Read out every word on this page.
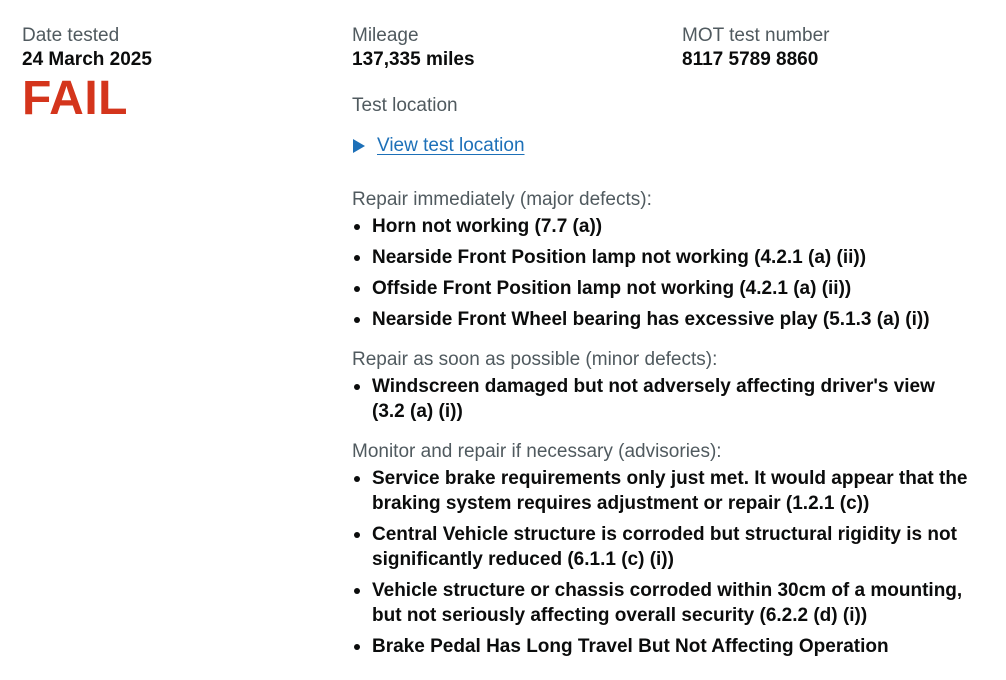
Date tested

24 March 2025

FAIL

Mileage

137,335 miles

Test location

View test location

Repair immediately (major defects):

Horn not working (7.7 (a))
Nearside Front Position lamp not working (4.2.1 (a) (ii))
Offside Front Position lamp not working (4.2.1 (a) (ii))
Nearside Front Wheel bearing has excessive play (5.1.3 (a) (i))

Repair as soon as possible (minor defects):

Windscreen damaged but not adversely affecting driver's view (3.2 (a) (i))

Monitor and repair if necessary (advisories):

Service brake requirements only just met. It would appear that the braking system requires adjustment or repair (1.2.1 (c))
Central Vehicle structure is corroded but structural rigidity is not significantly reduced (6.1.1 (c) (i))
Vehicle structure or chassis corroded within 30cm of a mounting, but not seriously affecting overall security (6.2.2 (d) (i))
Brake Pedal Has Long Travel But Not Affecting Operation

MOT test number

8117 5789 8860
